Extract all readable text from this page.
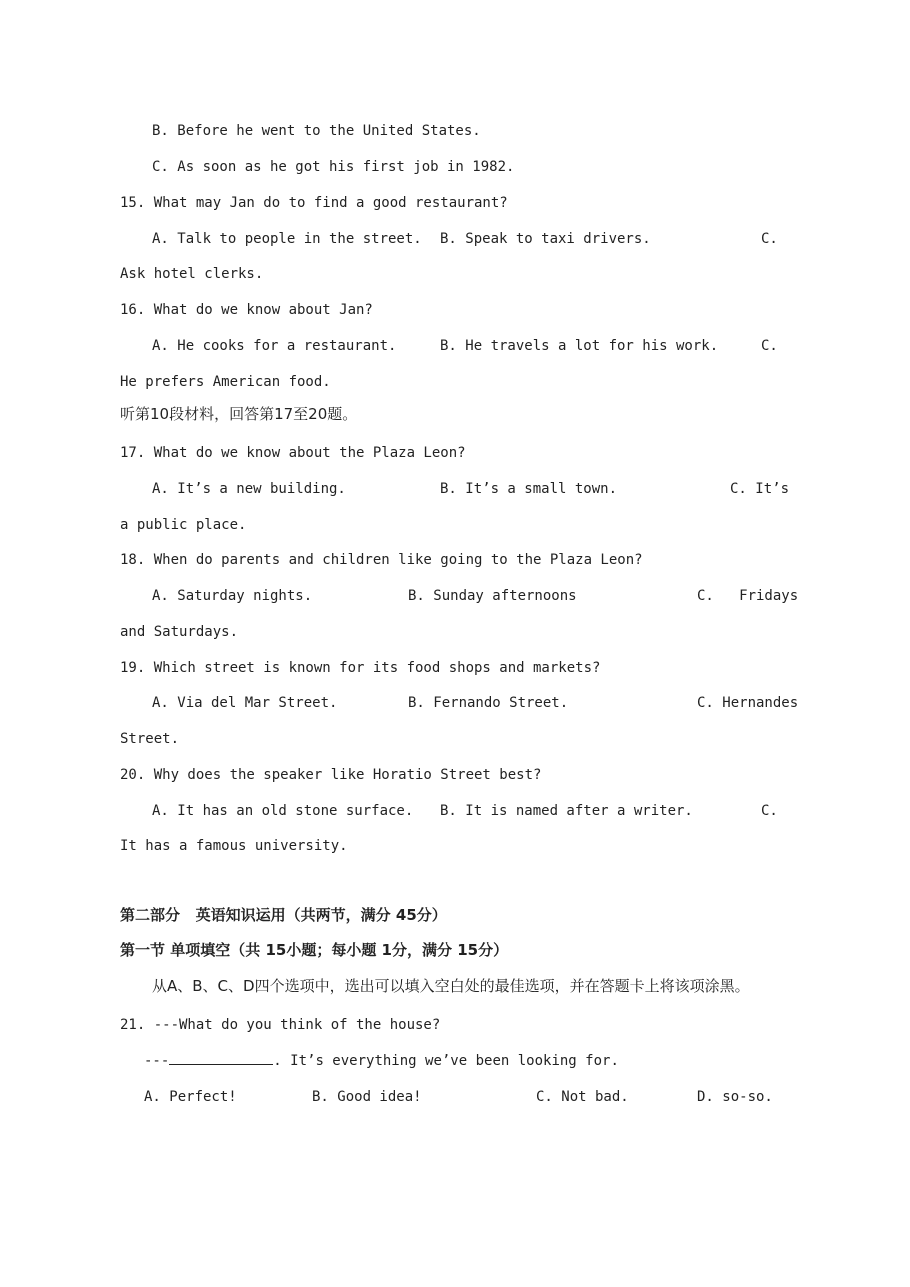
B. Before he went to the United States.
C. As soon as he got his first job in 1982.
15. What may Jan do to find a good restaurant?
A. Talk to people in the street. B. Speak to taxi drivers.	C.
Ask hotel clerks.
16. What do we know about Jan?
A. He cooks for a restaurant.	B. He travels a lot for his work.	C.
He prefers American food.
听第10段材料，回答第17至20题。
17. What do we know about the Plaza Leon?
A. It’s a new building.	B. It’s a small town.	C. It’s
a public place.
18. When do parents and children like going to the Plaza Leon?
A. Saturday nights.	B. Sunday afternoons	C.   Fridays
and Saturdays.
19. Which street is known for its food shops and markets?
A. Via del Mar Street.	B. Fernando Street.	C. Hernandes
Street.
20. Why does the speaker like Horatio Street best?
A. It has an old stone surface. B. It is named after a writer.	C.
It has a famous university.
第二部分   英语知识运用（共两节，满分 45分）
第一节 单项填空（共 15小题；每小题 1分，满分 15分）
从A、B、C、D四个选项中，选出可以填入空白处的最佳选项，并在答题卡上将该项涂黑。
21. ---What do you think of the house?
---	. It’s everything we’ve been looking for.
A. Perfect!	B. Good idea!	C. Not bad.	D. so-so.
